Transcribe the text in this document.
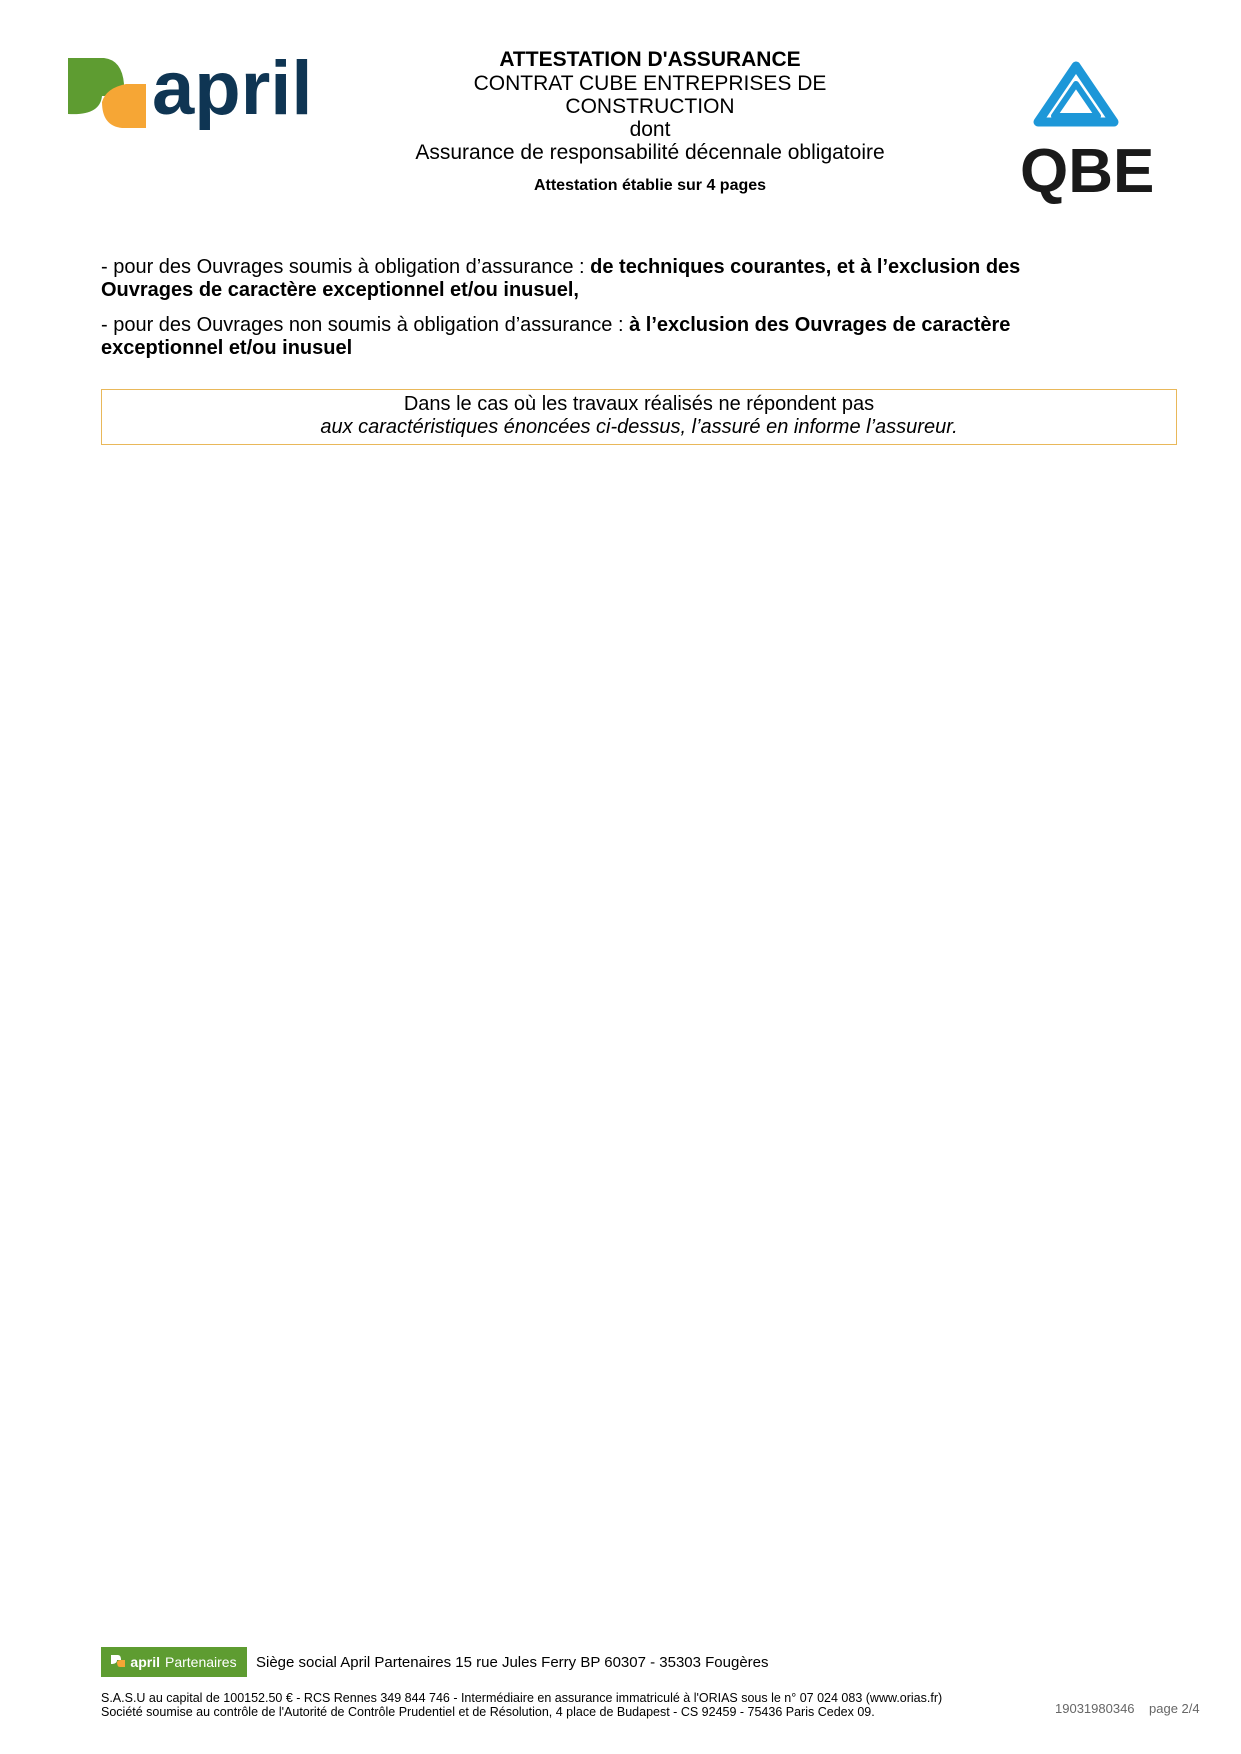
april	ATTESTATION D'ASSURANCE
CONTRAT CUBE ENTREPRISES DE
CONSTRUCTION
dont
Assurance de responsabilité décennale obligatoire
Attestation établie sur 4 pages	QBE

- pour des Ouvrages soumis à obligation d’assurance : de techniques courantes, et à l’exclusion des Ouvrages de caractère exceptionnel et/ou inusuel,

- pour des Ouvrages non soumis à obligation d’assurance : à l’exclusion des Ouvrages de caractère exceptionnel et/ou inusuel

Dans le cas où les travaux réalisés ne répondent pas
aux caractéristiques énoncées ci-dessus, l’assuré en informe l’assureur.
april Partenaires Siège social April Partenaires 15 rue Jules Ferry BP 60307 - 35303 Fougères
S.A.S.U au capital de 100152.50 € - RCS Rennes 349 844 746 - Intermédiaire en assurance immatriculé à l'ORIAS sous le n° 07 024 083 (www.orias.fr)
Société soumise au contrôle de l'Autorité de Contrôle Prudentiel et de Résolution, 4 place de Budapest - CS 92459 - 75436 Paris Cedex 09.	19031980346 page 2/4
